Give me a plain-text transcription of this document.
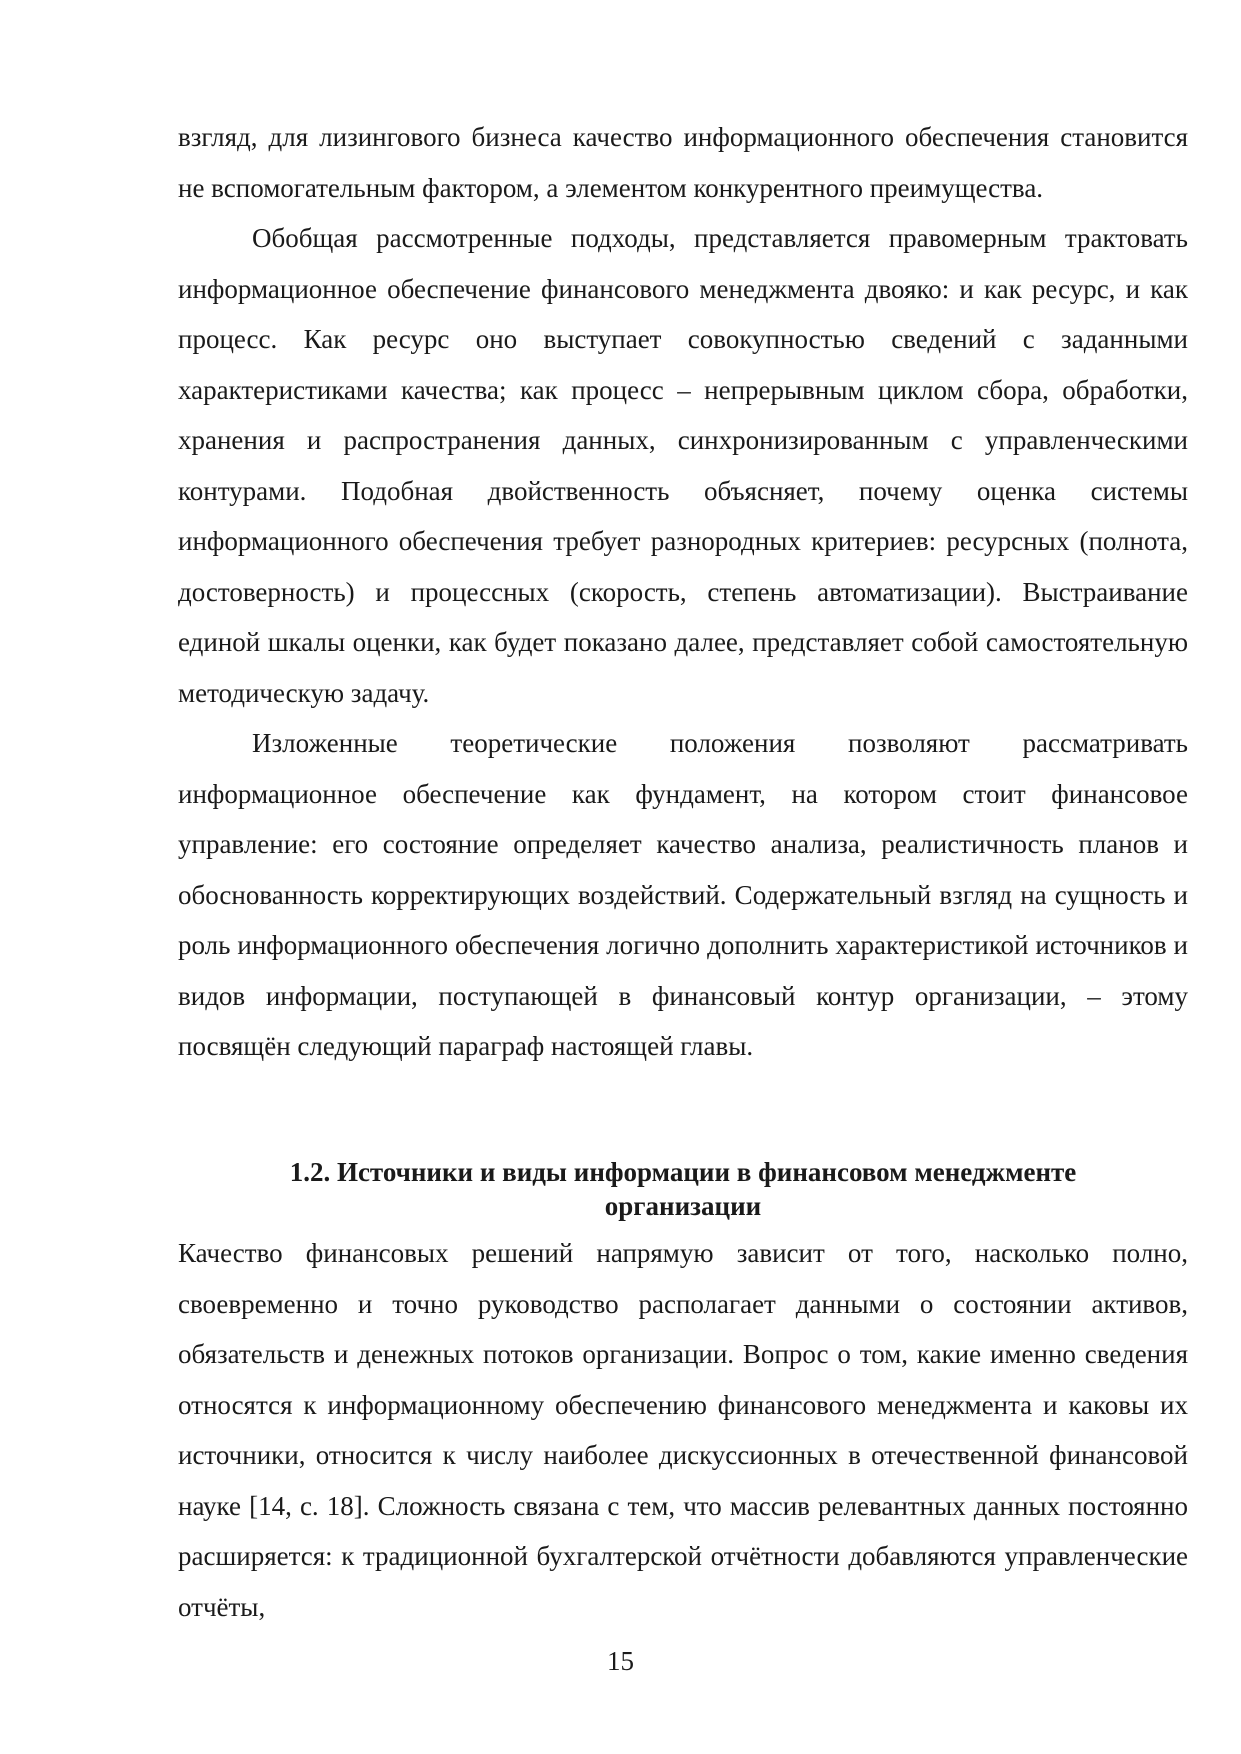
взгляд, для лизингового бизнеса качество информационного обеспечения становится не вспомогательным фактором, а элементом конкурентного преимущества.

Обобщая рассмотренные подходы, представляется правомерным трактовать информационное обеспечение финансового менеджмента двояко: и как ресурс, и как процесс. Как ресурс оно выступает совокупностью сведений с заданными характеристиками качества; как процесс – непрерывным циклом сбора, обработки, хранения и распространения данных, синхронизированным с управленческими контурами. Подобная двойственность объясняет, почему оценка системы информационного обеспечения требует разнородных критериев: ресурсных (полнота, достоверность) и процессных (скорость, степень автоматизации). Выстраивание единой шкалы оценки, как будет показано далее, представляет собой самостоятельную методическую задачу.

Изложенные теоретические положения позволяют рассматривать информационное обеспечение как фундамент, на котором стоит финансовое управление: его состояние определяет качество анализа, реалистичность планов и обоснованность корректирующих воздействий. Содержательный взгляд на сущность и роль информационного обеспечения логично дополнить характеристикой источников и видов информации, поступающей в финансовый контур организации, – этому посвящён следующий параграф настоящей главы.

1.2. Источники и виды информации в финансовом менеджменте
организации

Качество финансовых решений напрямую зависит от того, насколько полно, своевременно и точно руководство располагает данными о состоянии активов, обязательств и денежных потоков организации. Вопрос о том, какие именно сведения относятся к информационному обеспечению финансового менеджмента и каковы их источники, относится к числу наиболее дискуссионных в отечественной финансовой науке [14, с. 18]. Сложность связана с тем, что массив релевантных данных постоянно расширяется: к традиционной бухгалтерской отчётности добавляются управленческие отчёты,

15
